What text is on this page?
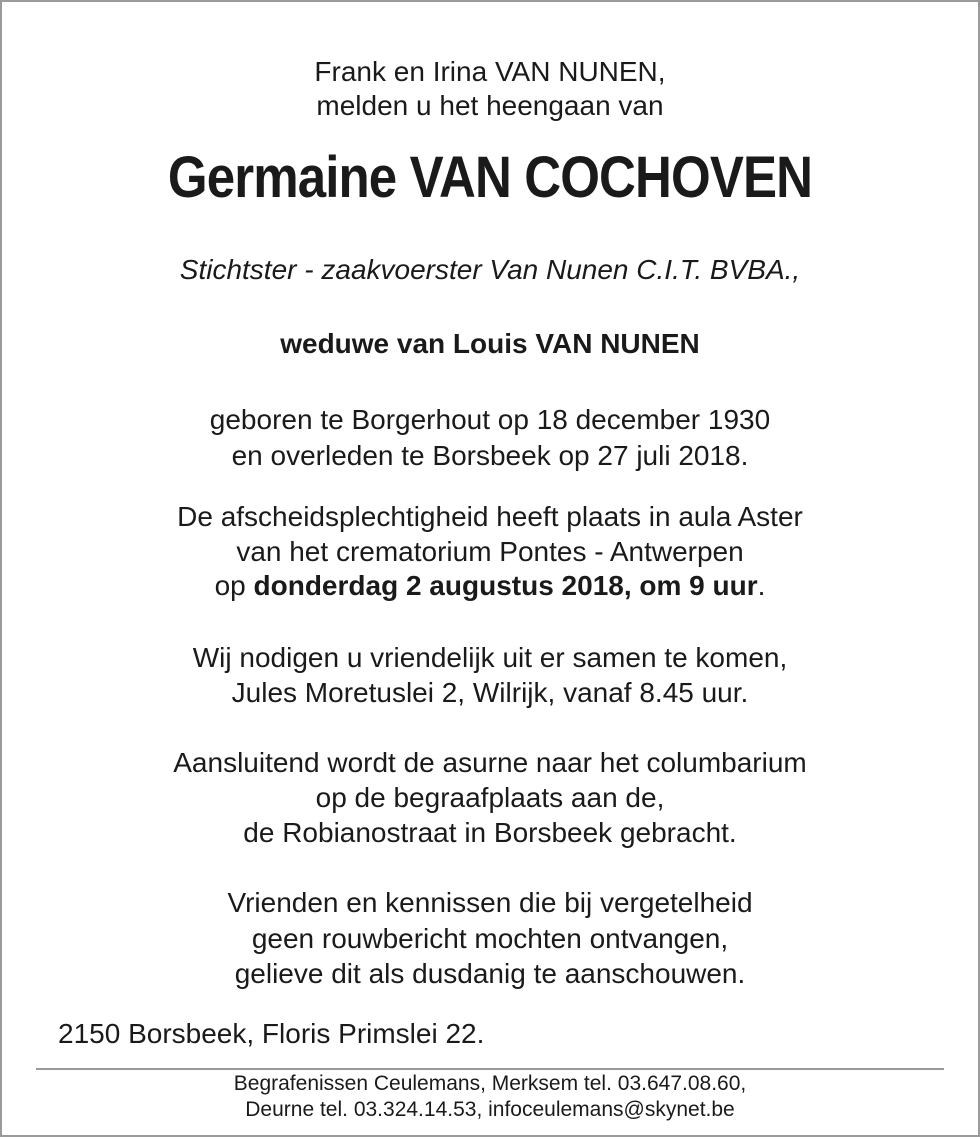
Frank en Irina VAN NUNEN,
melden u het heengaan van
Germaine VAN COCHOVEN
Stichtster - zaakvoerster Van Nunen C.I.T. BVBA.,
weduwe van Louis VAN NUNEN
geboren te Borgerhout op 18 december 1930
en overleden te Borsbeek op 27 juli 2018.
De afscheidsplechtigheid heeft plaats in aula Aster
van het crematorium Pontes - Antwerpen
op donderdag 2 augustus 2018, om 9 uur.
Wij nodigen u vriendelijk uit er samen te komen,
Jules Moretuslei 2, Wilrijk, vanaf 8.45 uur.
Aansluitend wordt de asurne naar het columbarium
op de begraafplaats aan de,
de Robianostraat in Borsbeek gebracht.
Vrienden en kennissen die bij vergetelheid
geen rouwbericht mochten ontvangen,
gelieve dit als dusdanig te aanschouwen.
2150 Borsbeek, Floris Primslei 22.
Begrafenissen Ceulemans, Merksem tel. 03.647.08.60,
Deurne tel. 03.324.14.53, infoceulemans@skynet.be
